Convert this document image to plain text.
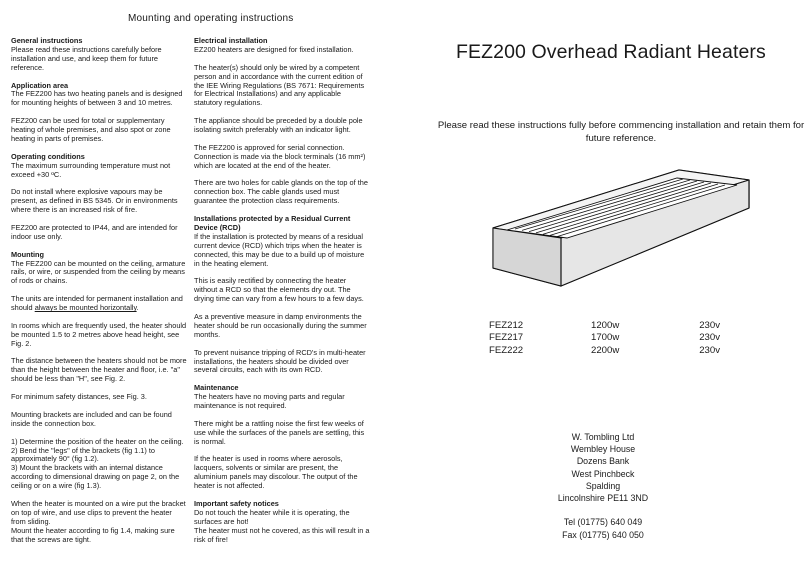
Mounting and operating instructions
General instructions

Please read these instructions carefully before installation and use, and keep them for future reference.

Application area

The FEZ200 has two heating panels and is designed for mounting heights of between 3 and 10 metres.

FEZ200 can be used for total or supplementary heating of whole premises, and also spot or zone heating in parts of premises.

Operating conditions

The maximum surrounding temperature must not exceed +30 ºC.

Do not install where explosive vapours may be present, as defined in BS 5345. Or in environments where there is an increased risk of fire.

FEZ200 are protected to IP44, and are intended for indoor use only.

Mounting

The FEZ200 can be mounted on the ceiling, armature rails, or wire, or suspended from the ceiling by means of rods or chains.

The units are intended for permanent installation and should always be mounted horizontally.

In rooms which are frequently used, the heater should be mounted 1.5 to 2 metres above head height, see Fig. 2.

The distance between the heaters should not be more than the height between the heater and floor, i.e. "a" should be less than "H", see Fig. 2.

For minimum safety distances, see Fig. 3.

Mounting brackets are included and can be found inside the connection box.

1) Determine the position of the heater on the ceiling.
2) Bend the "legs" of the brackets (fig 1.1) to approximately 90° (fig 1.2).
3) Mount the brackets with an internal distance according to dimensional drawing on page 2, on the ceiling or on a wire (fig 1.3).

When the heater is mounted on a wire put the bracket on top of wire, and use clips to prevent the heater from sliding.
Mount the heater according to fig 1.4, making sure that the screws are tight.

Electrical installation

EZ200 heaters are designed for fixed installation.

The heater(s) should only be wired by a competent person and in accordance with the current edition of the IEE Wiring Regulations (BS 7671: Requirements for Electrical Installations) and any applicable statutory regulations.

The appliance should be preceded by a double pole isolating switch preferably with an indicator light.

The FEZ200 is approved for serial connection. Connection is made via the block terminals (16 mm²) which are located at the end of the heater.

There are two holes for cable glands on the top of the connection box. The cable glands used must guarantee the protection class requirements.

Installations protected by a Residual Current Device (RCD)

If the installation is protected by means of a residual current device (RCD) which trips when the heater is connected, this may be due to a build up of moisture in the heating element.

This is easily rectified by connecting the heater without a RCD so that the elements dry out. The drying time can vary from a few hours to a few days.

As a preventive measure in damp environments the heater should be run occasionally during the summer months.

To prevent nuisance tripping of RCD's in multi-heater installations, the heaters should be divided over several circuits, each with its own RCD.

Maintenance

The heaters have no moving parts and regular maintenance is not required.

There might be a rattling noise the first few weeks of use while the surfaces of the panels are settling, this is normal.

If the heater is used in rooms where aerosols, lacquers, solvents or similar are present, the aluminium panels may discolour. The output of the heater is not affected.

Important safety notices

Do not touch the heater while it is operating, the surfaces are hot!
The heater must not he covered, as this will result in a risk of fire!

FEZ200 Overhead Radiant Heaters
Please read these instructions fully before commencing installation and retain them for future reference.
FEZ212	1200w	230v
FEZ217	1700w	230v
FEZ222	2200w	230v
W. Tombling Ltd
Wembley House
Dozens Bank
West Pinchbeck
Spalding
Lincolnshire PE11 3ND
Tel (01775) 640 049
Fax (01775) 640 050
